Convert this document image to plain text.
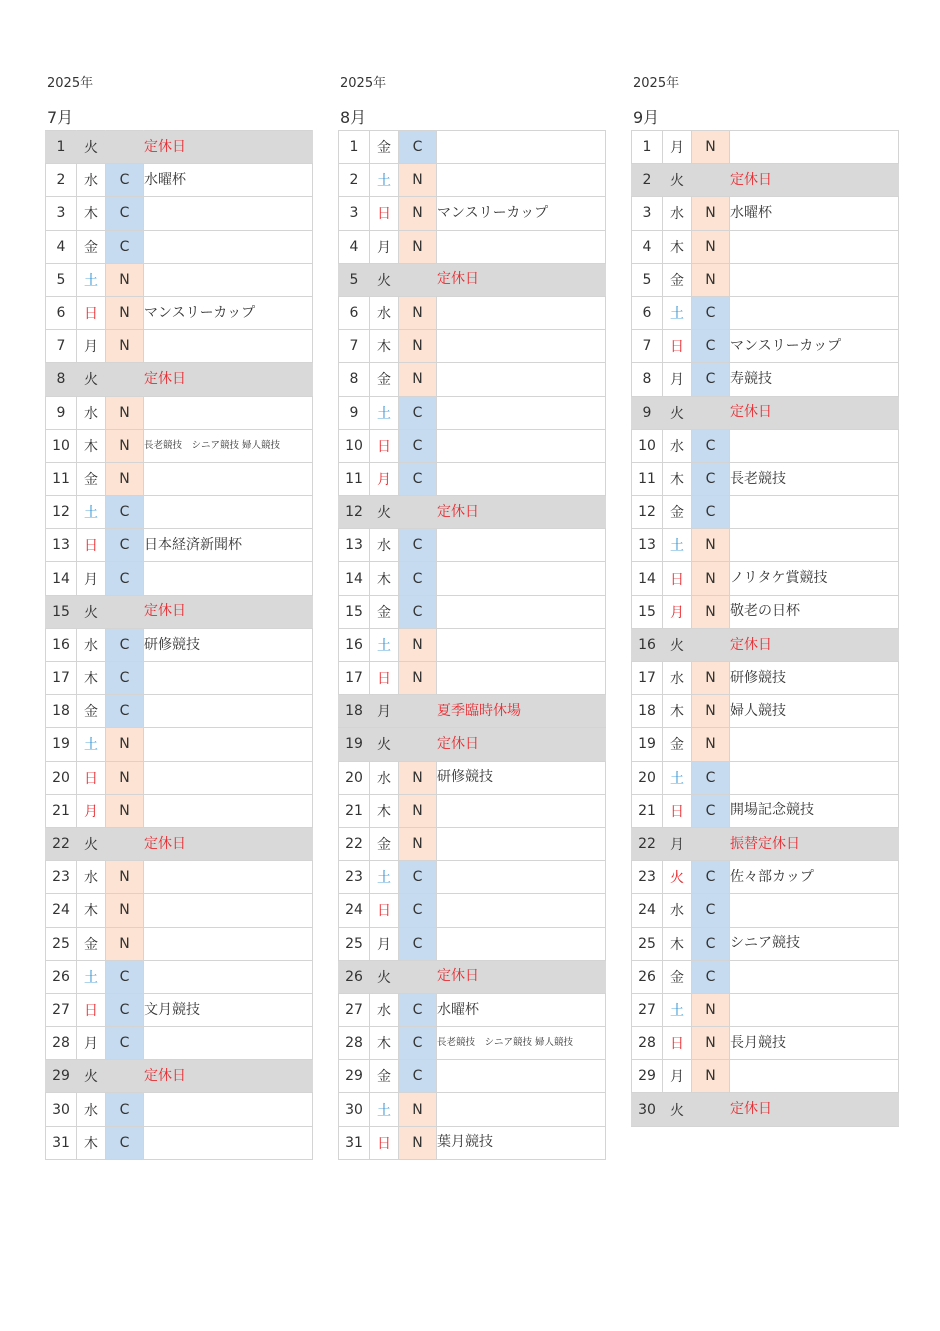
2025年
7月
1	火		定休日
2	水	C	水曜杯
3	木	C	
4	金	C	
5	土	N	
6	日	N	マンスリーカップ
7	月	N	
8	火		定休日
9	水	N	
10	木	N	長老競技　シニア競技 婦人競技
11	金	N	
12	土	C	
13	日	C	日本経済新聞杯
14	月	C	
15	火		定休日
16	水	C	研修競技
17	木	C	
18	金	C	
19	土	N	
20	日	N	
21	月	N	
22	火		定休日
23	水	N	
24	木	N	
25	金	N	
26	土	C	
27	日	C	文月競技
28	月	C	
29	火		定休日
30	水	C	
31	木	C	
2025年
8月
1	金	C	
2	土	N	
3	日	N	マンスリーカップ
4	月	N	
5	火		定休日
6	水	N	
7	木	N	
8	金	N	
9	土	C	
10	日	C	
11	月	C	
12	火		定休日
13	水	C	
14	木	C	
15	金	C	
16	土	N	
17	日	N	
18	月		夏季臨時休場
19	火		定休日
20	水	N	研修競技
21	木	N	
22	金	N	
23	土	C	
24	日	C	
25	月	C	
26	火		定休日
27	水	C	水曜杯
28	木	C	長老競技　シニア競技 婦人競技
29	金	C	
30	土	N	
31	日	N	葉月競技
2025年
9月
1	月	N	
2	火		定休日
3	水	N	水曜杯
4	木	N	
5	金	N	
6	土	C	
7	日	C	マンスリーカップ
8	月	C	寿競技
9	火		定休日
10	水	C	
11	木	C	長老競技
12	金	C	
13	土	N	
14	日	N	ノリタケ賞競技
15	月	N	敬老の日杯
16	火		定休日
17	水	N	研修競技
18	木	N	婦人競技
19	金	N	
20	土	C	
21	日	C	開場記念競技
22	月		振替定休日
23	火	C	佐々部カップ
24	水	C	
25	木	C	シニア競技
26	金	C	
27	土	N	
28	日	N	長月競技
29	月	N	
30	火		定休日
